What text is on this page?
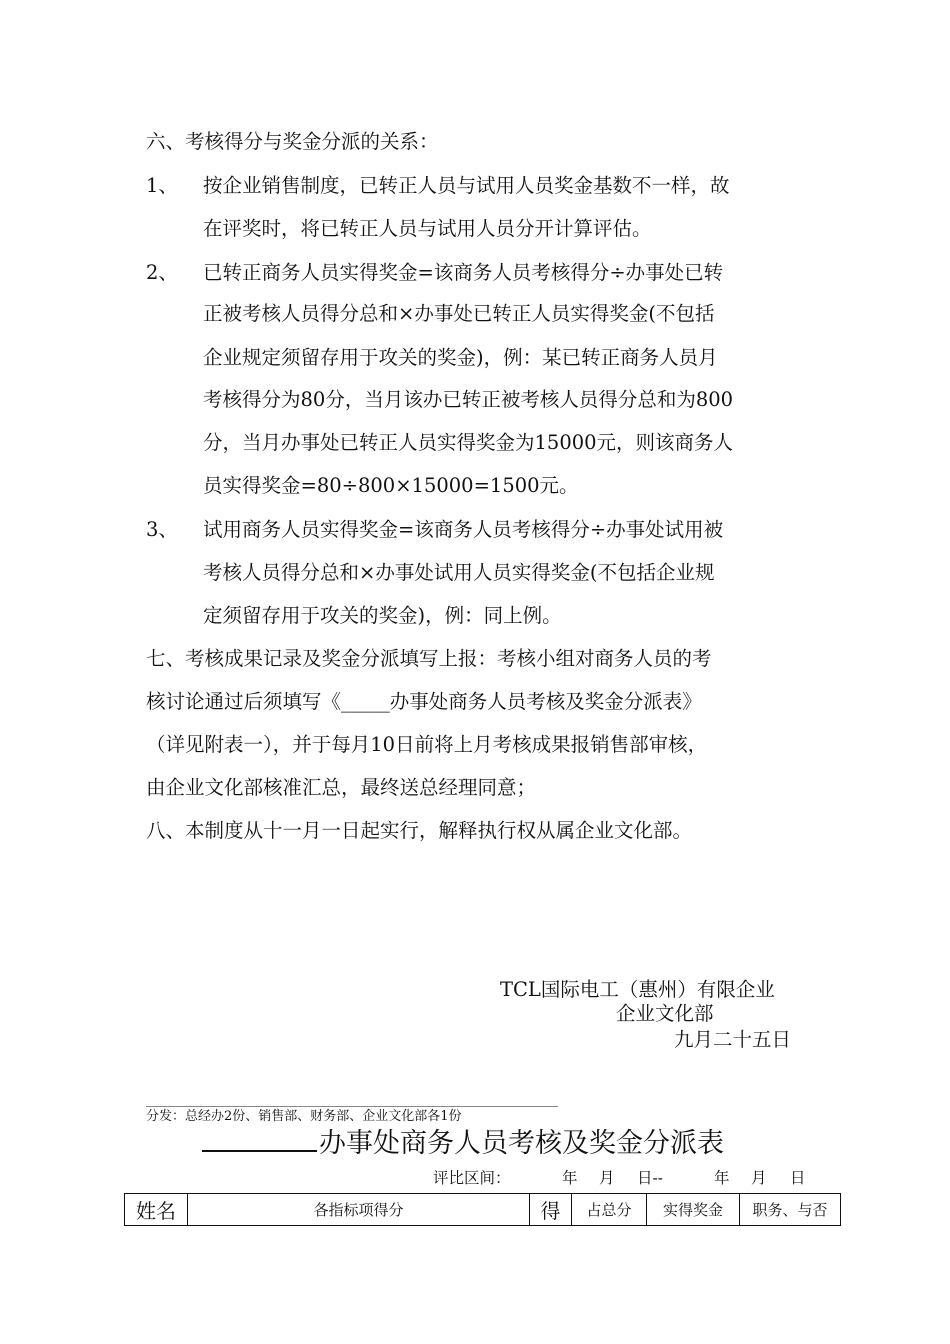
六、考核得分与奖金分派的关系：
1、 按企业销售制度，已转正人员与试用人员奖金基数不一样，故
在评奖时，将已转正人员与试用人员分开计算评估。
2、 已转正商务人员实得奖金=该商务人员考核得分÷办事处已转
正被考核人员得分总和×办事处已转正人员实得奖金(不包括
企业规定须留存用于攻关的奖金)，例：某已转正商务人员月
考核得分为80分，当月该办已转正被考核人员得分总和为800
分，当月办事处已转正人员实得奖金为15000元，则该商务人
员实得奖金=80÷800×15000=1500元。
3、 试用商务人员实得奖金=该商务人员考核得分÷办事处试用被
考核人员得分总和×办事处试用人员实得奖金(不包括企业规
定须留存用于攻关的奖金)，例：同上例。
七、考核成果记录及奖金分派填写上报：考核小组对商务人员的考
核讨论通过后须填写《_____办事处商务人员考核及奖金分派表》
（详见附表一），并于每月10日前将上月考核成果报销售部审核，
由企业文化部核准汇总，最终送总经理同意；
八、本制度从十一月一日起实行，解释执行权从属企业文化部。
TCL国际电工（惠州）有限企业
企业文化部
九月二十五日
分发：总经办2份、销售部、财务部、企业文化部各1份
办事处商务人员考核及奖金分派表
评比区间：	年 月 日--	年 月 日
姓名	各指标项得分	得	占总分	实得奖金	职务、与否
